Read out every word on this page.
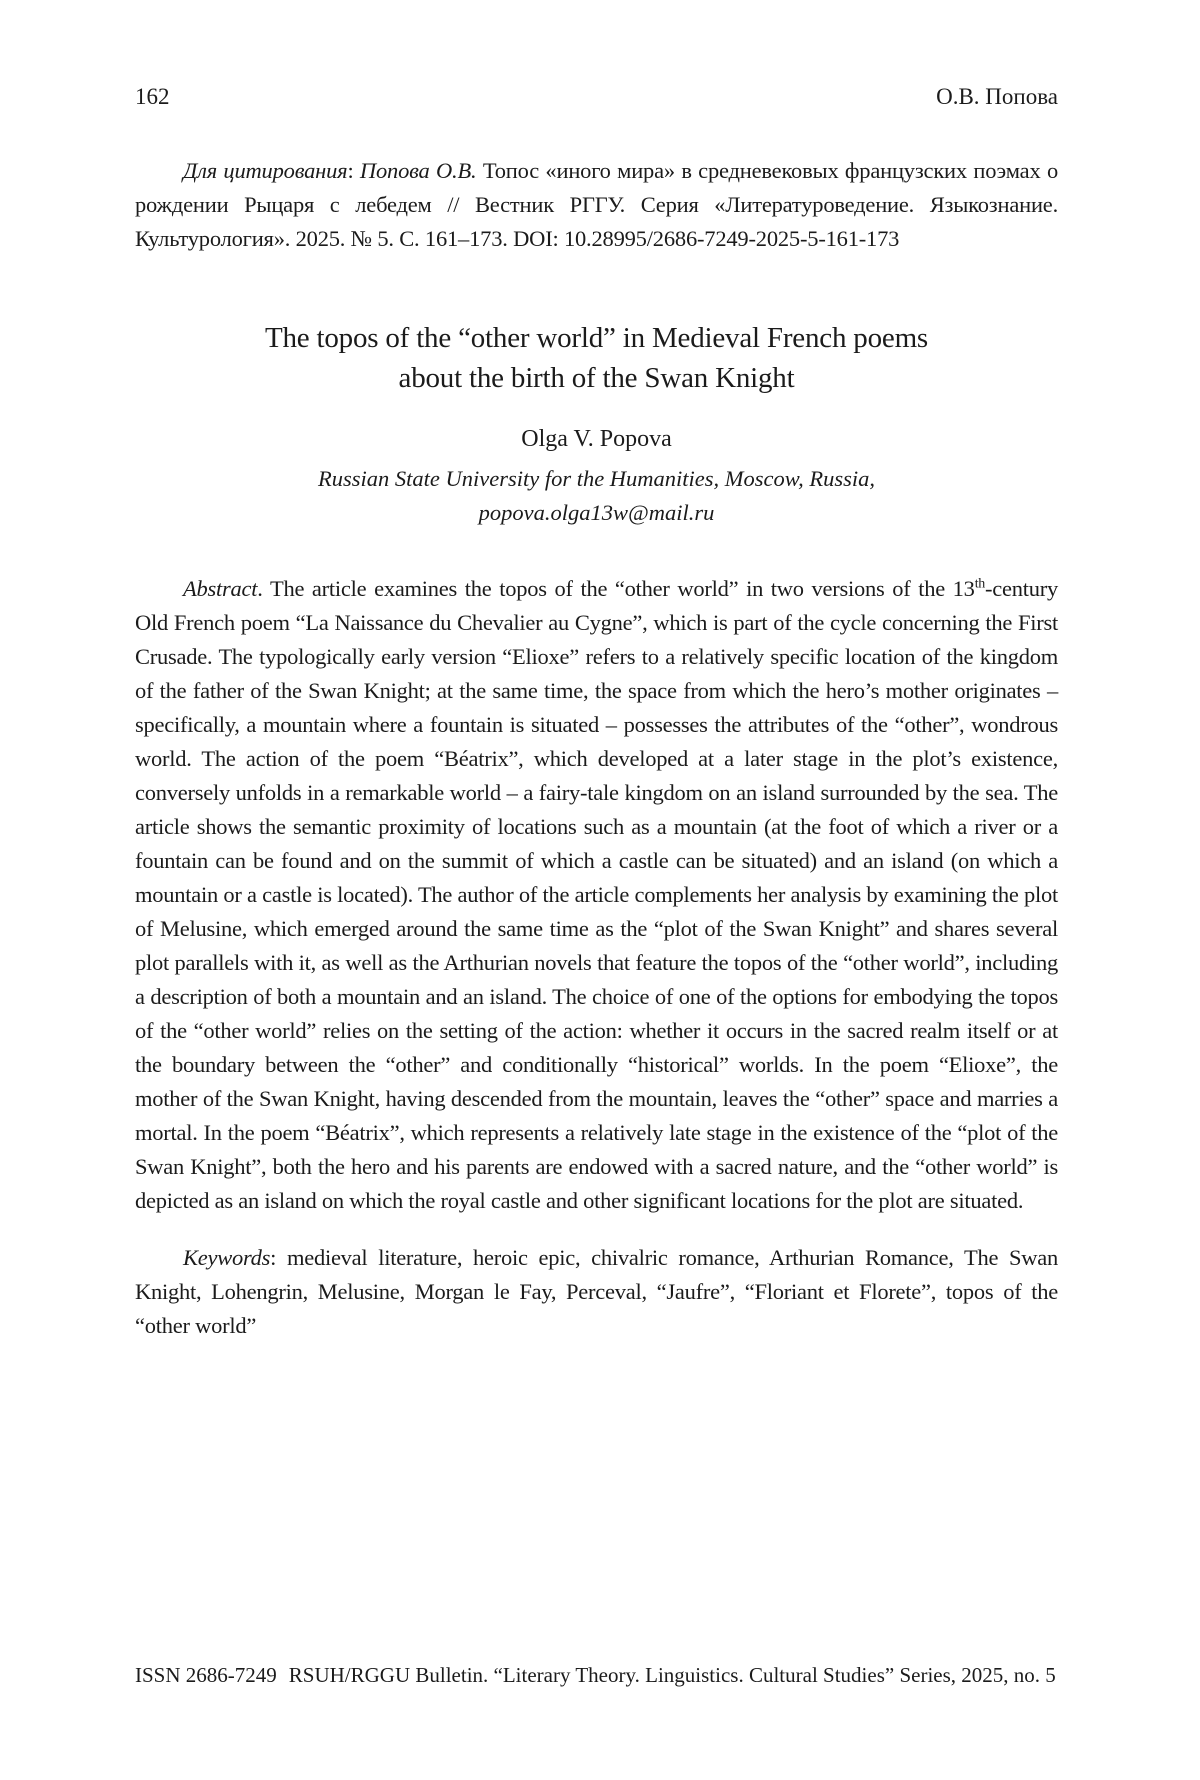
162	О.В. Попова

Для цитирования: Попова О.В. Топос «иного мира» в средневековых французских поэмах о рождении Рыцаря с лебедем // Вестник РГГУ. Серия «Литературоведение. Языкознание. Культурология». 2025. № 5. С. 161–173. DOI: 10.28995/2686-7249-2025-5-161-173

The topos of the “other world” in Medieval French poems
about the birth of the Swan Knight
Olga V. Popova
Russian State University for the Humanities, Moscow, Russia,
popova.olga13w@mail.ru

Abstract. The article examines the topos of the “other world” in two versions of the 13th-century Old French poem “La Naissance du Chevalier au Cygne”, which is part of the cycle concerning the First Crusade. The typologically early version “Elioxe” refers to a relatively specific location of the kingdom of the father of the Swan Knight; at the same time, the space from which the hero’s mother originates – specifically, a mountain where a fountain is situated – possesses the attributes of the “other”, wondrous world. The action of the poem “Béatrix”, which developed at a later stage in the plot’s existence, conversely unfolds in a remarkable world – a fairy-tale kingdom on an island surrounded by the sea. The article shows the semantic proximity of locations such as a mountain (at the foot of which a river or a fountain can be found and on the summit of which a castle can be situated) and an island (on which a mountain or a castle is located). The author of the article complements her analysis by examining the plot of Melusine, which emerged around the same time as the “plot of the Swan Knight” and shares several plot parallels with it, as well as the Arthurian novels that feature the topos of the “other world”, including a description of both a mountain and an island. The choice of one of the options for embodying the topos of the “other world” relies on the setting of the action: whether it occurs in the sacred realm itself or at the boundary between the “other” and conditionally “historical” worlds. In the poem “Elioxe”, the mother of the Swan Knight, having descended from the mountain, leaves the “other” space and marries a mortal. In the poem “Béatrix”, which represents a relatively late stage in the existence of the “plot of the Swan Knight”, both the hero and his parents are endowed with a sacred nature, and the “other world” is depicted as an island on which the royal castle and other significant locations for the plot are situated.

Keywords: medieval literature, heroic epic, chivalric romance, Arthurian Romance, The Swan Knight, Lohengrin, Melusine, Morgan le Fay, Perceval, “Jaufre”, “Floriant et Florete”, topos of the “other world”

ISSN 2686-7249 RSUH/RGGU Bulletin. “Literary Theory. Linguistics. Cultural Studies” Series, 2025, no. 5
